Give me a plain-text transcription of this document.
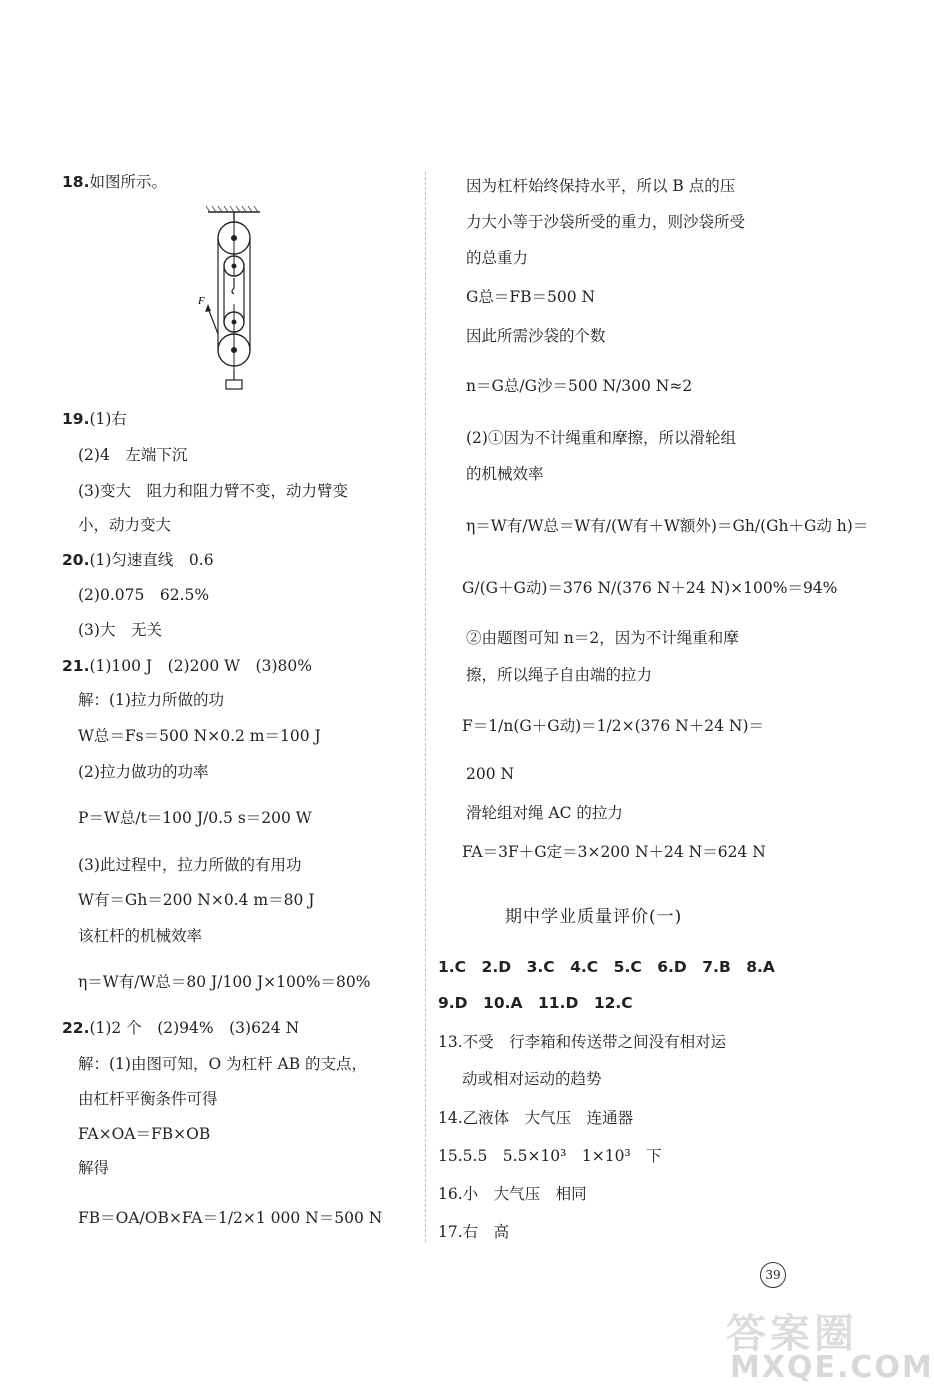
18.如图所示。
F
19.(1)右
(2)4　左端下沉
(3)变大　阻力和阻力臂不变，动力臂变
小，动力变大
20.(1)匀速直线　0.6
(2)0.075　62.5%
(3)大　无关
21.(1)100 J　(2)200 W　(3)80%
解：(1)拉力所做的功
W总＝Fs＝500 N×0.2 m＝100 J
(2)拉力做功的功率
P＝W总/t＝100 J/0.5 s＝200 W
(3)此过程中，拉力所做的有用功
W有＝Gh＝200 N×0.4 m＝80 J
该杠杆的机械效率
η＝W有/W总＝80 J/100 J×100%＝80%
22.(1)2 个　(2)94%　(3)624 N
解：(1)由图可知，O 为杠杆 AB 的支点，
由杠杆平衡条件可得
FA×OA＝FB×OB
解得
FB＝OA/OB×FA＝1/2×1 000 N＝500 N
因为杠杆始终保持水平，所以 B 点的压
力大小等于沙袋所受的重力，则沙袋所受
的总重力
G总＝FB＝500 N
因此所需沙袋的个数
n＝G总/G沙＝500 N/300 N≈2
(2)①因为不计绳重和摩擦，所以滑轮组
的机械效率
η＝W有/W总＝W有/(W有＋W额外)＝Gh/(Gh＋G动 h)＝
G/(G＋G动)＝376 N/(376 N＋24 N)×100%＝94%
②由题图可知 n＝2，因为不计绳重和摩
擦，所以绳子自由端的拉力
F＝1/n(G＋G动)＝1/2×(376 N＋24 N)＝
200 N
滑轮组对绳 AC 的拉力
FA＝3F＋G定＝3×200 N＋24 N＝624 N
期中学业质量评价(一)
1.C　2.D　3.C　4.C　5.C　6.D　7.B　8.A
9.D　10.A　11.D　12.C
13.不受　行李箱和传送带之间没有相对运
动或相对运动的趋势
14.乙液体　大气压　连通器
15.5.5　5.5×10³　1×10³　下
16.小　大气压　相同
17.右　高
39
答案圈
MXQE.COM
